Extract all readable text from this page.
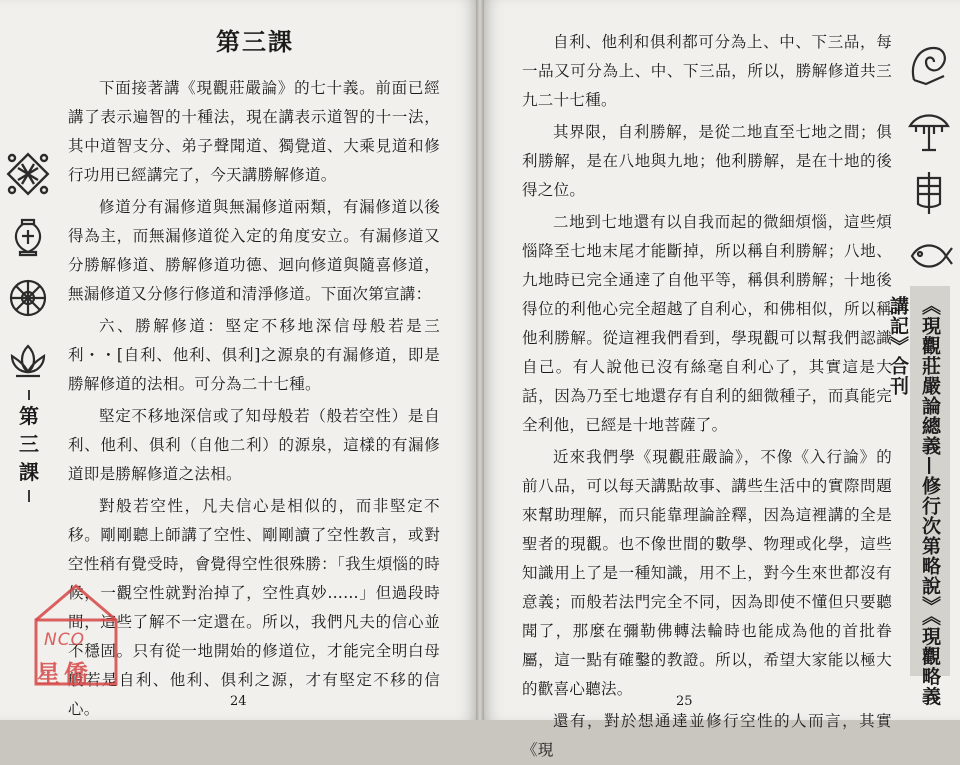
第三課

下面接著講《現觀莊嚴論》的七十義。前面已經講了表示遍智的十種法，現在講表示道智的十一法，其中道智支分、弟子聲聞道、獨覺道、大乘見道和修行功用已經講完了，今天講勝解修道。

修道分有漏修道與無漏修道兩類，有漏修道以後得為主，而無漏修道從入定的角度安立。有漏修道又分勝解修道、勝解修道功德、迴向修道與隨喜修道，無漏修道又分修行修道和清淨修道。下面次第宣講：

六、勝解修道：堅定不移地深信母般若是三利・・[自利、他利、俱利]之源泉的有漏修道，即是勝解修道的法相。可分為二十七種。

堅定不移地深信或了知母般若（般若空性）是自利、他利、俱利（自他二利）的源泉，這樣的有漏修道即是勝解修道之法相。

對般若空性，凡夫信心是相似的，而非堅定不移。剛剛聽上師講了空性、剛剛讀了空性教言，或對空性稍有覺受時，會覺得空性很殊勝：「我生煩惱的時候，一觀空性就對治掉了，空性真妙……」但過段時間，這些了解不一定還在。所以，我們凡夫的信心並不穩固。只有從一地開始的修道位，才能完全明白母般若是自利、他利、俱利之源，才有堅定不移的信心。	24
第三課

自利、他利和俱利都可分為上、中、下三品，每一品又可分為上、中、下三品，所以，勝解修道共三九二十七種。

其界限，自利勝解，是從二地直至七地之間；俱利勝解，是在八地與九地；他利勝解，是在十地的後得之位。

二地到七地還有以自我而起的微細煩惱，這些煩惱降至七地末尾才能斷掉，所以稱自利勝解；八地、九地時已完全通達了自他平等，稱俱利勝解；十地後得位的利他心完全超越了自利心，和佛相似，所以稱他利勝解。從這裡我們看到，學現觀可以幫我們認識自己。有人說他已沒有絲毫自利心了，其實這是大話，因為乃至七地還存有自利的細微種子，而真能完全利他，已經是十地菩薩了。

近來我們學《現觀莊嚴論》，不像《入行論》的前八品，可以每天講點故事、講些生活中的實際問題來幫助理解，而只能靠理論詮釋，因為這裡講的全是聖者的現觀。也不像世間的數學、物理或化學，這些知識用上了是一種知識，用不上，對今生來世都沒有意義；而般若法門完全不同，因為即使不懂但只要聽聞了，那麼在彌勒佛轉法輪時也能成為他的首批眷屬，這一點有確鑿的教證。所以，希望大家能以極大的歡喜心聽法。

還有，對於想通達並修行空性的人而言，其實《現

25	《現觀莊嚴論總義—修行次第略說》《現觀略義講記》合刊
NCO
星僑
